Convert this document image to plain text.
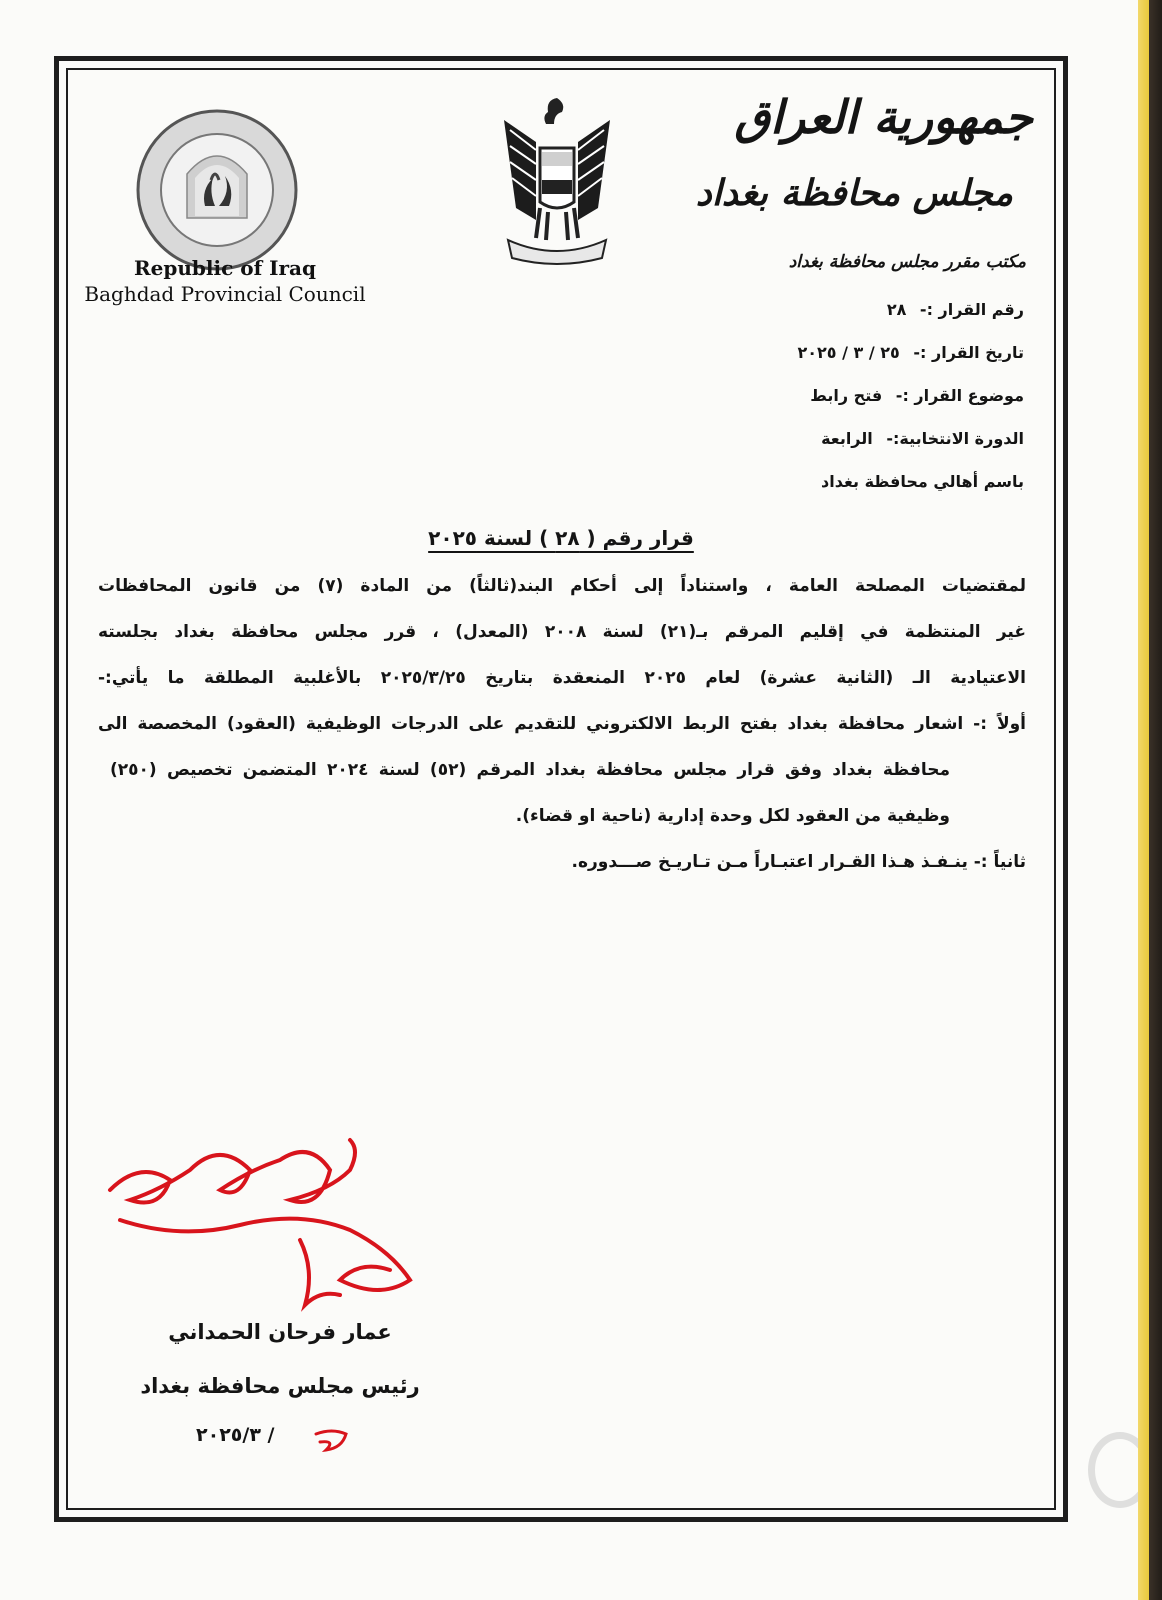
Republic of Iraq
Baghdad Provincial Council
جمهورية العراق
مجلس محافظة بغداد
مكتب مقرر مجلس محافظة بغداد
رقم القرار :- ٢٨
تاريخ القرار :- ٢٥ / ٣ / ٢٠٢٥
موضوع القرار :- فتح رابط
الدورة الانتخابية:- الرابعة
باسم أهالي محافظة بغداد
قرار رقم ( ٢٨ ) لسنة ٢٠٢٥
لمقتضيات المصلحة العامة ، واستناداً إلى أحكام البند(ثالثاً) من المادة (٧) من قانون المحافظات
غير المنتظمة في إقليم المرقم بـ(٢١) لسنة ٢٠٠٨ (المعدل) ، قرر مجلس محافظة بغداد بجلسته
الاعتيادية الـ (الثانية عشرة) لعام ٢٠٢٥ المنعقدة بتاريخ ٢٠٢٥/٣/٢٥ بالأغلبية المطلقة ما يأتي:-
أولاً :- اشعار محافظة بغداد بفتح الربط الالكتروني للتقديم على الدرجات الوظيفية (العقود) المخصصة الى
محافظة بغداد وفق قرار مجلس محافظة بغداد المرقم (٥٢) لسنة ٢٠٢٤ المتضمن تخصيص (٢٥٠)
وظيفية من العقود لكل وحدة إدارية (ناحية او قضاء).
ثانياً :- ينـفـذ هـذا القـرار اعتبـاراً مـن تـاريـخ صـــدوره.
عمار فرحان الحمداني
رئيس مجلس محافظة بغداد
/ ٢٠٢٥/٣
